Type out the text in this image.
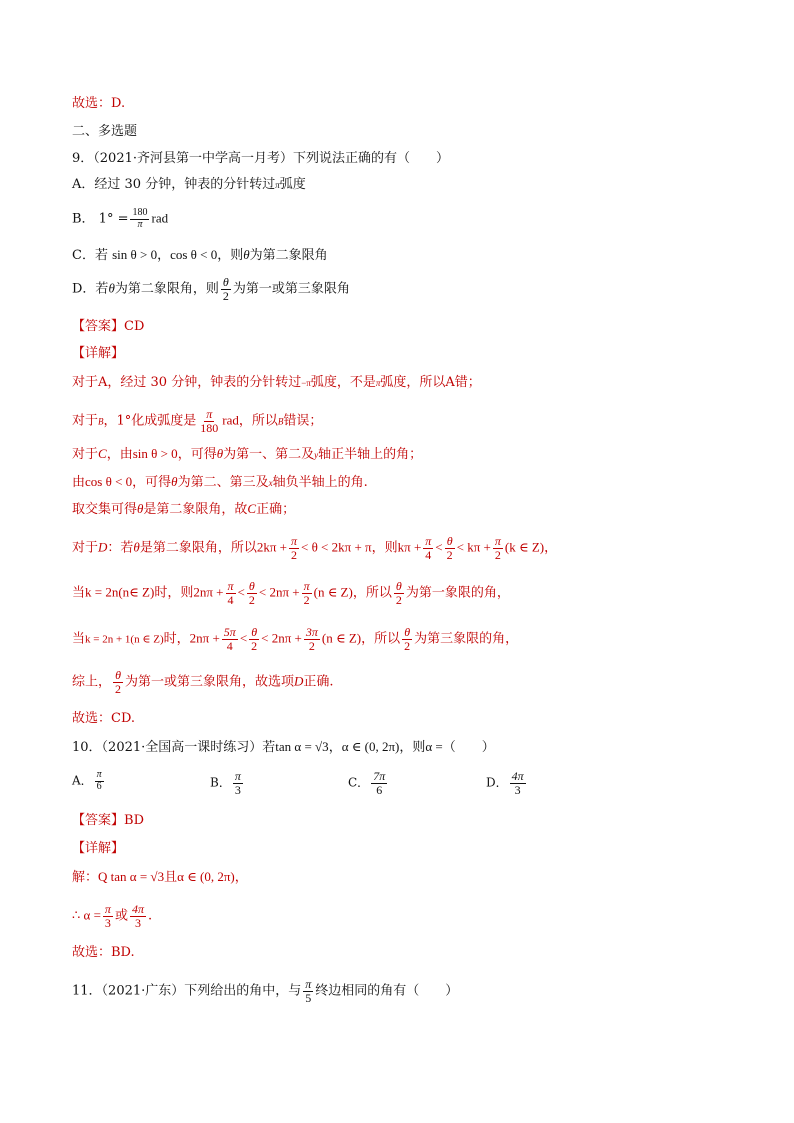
故选：D.
二、多选题
9．（2021·齐河县第一中学高一月考）下列说法正确的有（　　）
A．经过 30 分钟，钟表的分针转过π弧度
B． $1^\circ = \frac{180}{\pi}$ rad
C．若 sin θ > 0，cos θ < 0，则θ为第二象限角
D．若θ为第二象限角，则 $\frac{\theta}{2}$ 为第一或第三象限角
【答案】CD
【详解】
对于A，经过 30 分钟，钟表的分针转过−π弧度，不是π弧度，所以A错；
对于B，1°化成弧度是 $\frac{\pi}{180}$ rad，所以B错误；
对于C，由sin θ > 0，可得θ为第一、第二及y轴正半轴上的角；
由cos θ < 0，可得θ为第二、第三及x轴负半轴上的角.
取交集可得θ是第二象限角，故C正确；
对于D：若θ是第二象限角，所以$2k\pi + \frac{\pi}{2} < \theta < 2k\pi + \pi$，则$k\pi + \frac{\pi}{4} < \frac{\theta}{2} < k\pi + \frac{\pi}{2} (k$ ∈ Z)，
当k = 2n(n∈ Z)时，则$2n\pi + \frac{\pi}{4} < \frac{\theta}{2} < 2n\pi + \frac{\pi}{2} (n$ ∈ Z)，所以 $\frac{\theta}{2}$ 为第一象限的角，
当k = 2n + 1(n ∈ Z)时，$2n\pi + \frac{5\pi}{4} < \frac{\theta}{2} < 2n\pi + \frac{3\pi}{2} (n$ ∈ Z)，所以 $\frac{\theta}{2}$ 为第三象限的角，
综上， $\frac{\theta}{2}$ 为第一或第三象限角，故选项D正确.
故选：CD.
10．（2021·全国高一课时练习）若tan α = √3，α ∈ (0, 2π)，则α =（　　）
A． $\frac{\pi}{6}$	B． $\frac{\pi}{3}$	C． $\frac{7\pi}{6}$	D． $\frac{4\pi}{3}$
【答案】BD
【详解】
解：Q tan α = √3且α ∈ (0, 2π)，
∴ $\alpha = \frac{\pi}{3}$ 或 $\frac{4\pi}{3}$ .
故选：BD.
11．（2021·广东）下列给出的角中，与 $\frac{\pi}{5}$ 终边相同的角有（　　）
